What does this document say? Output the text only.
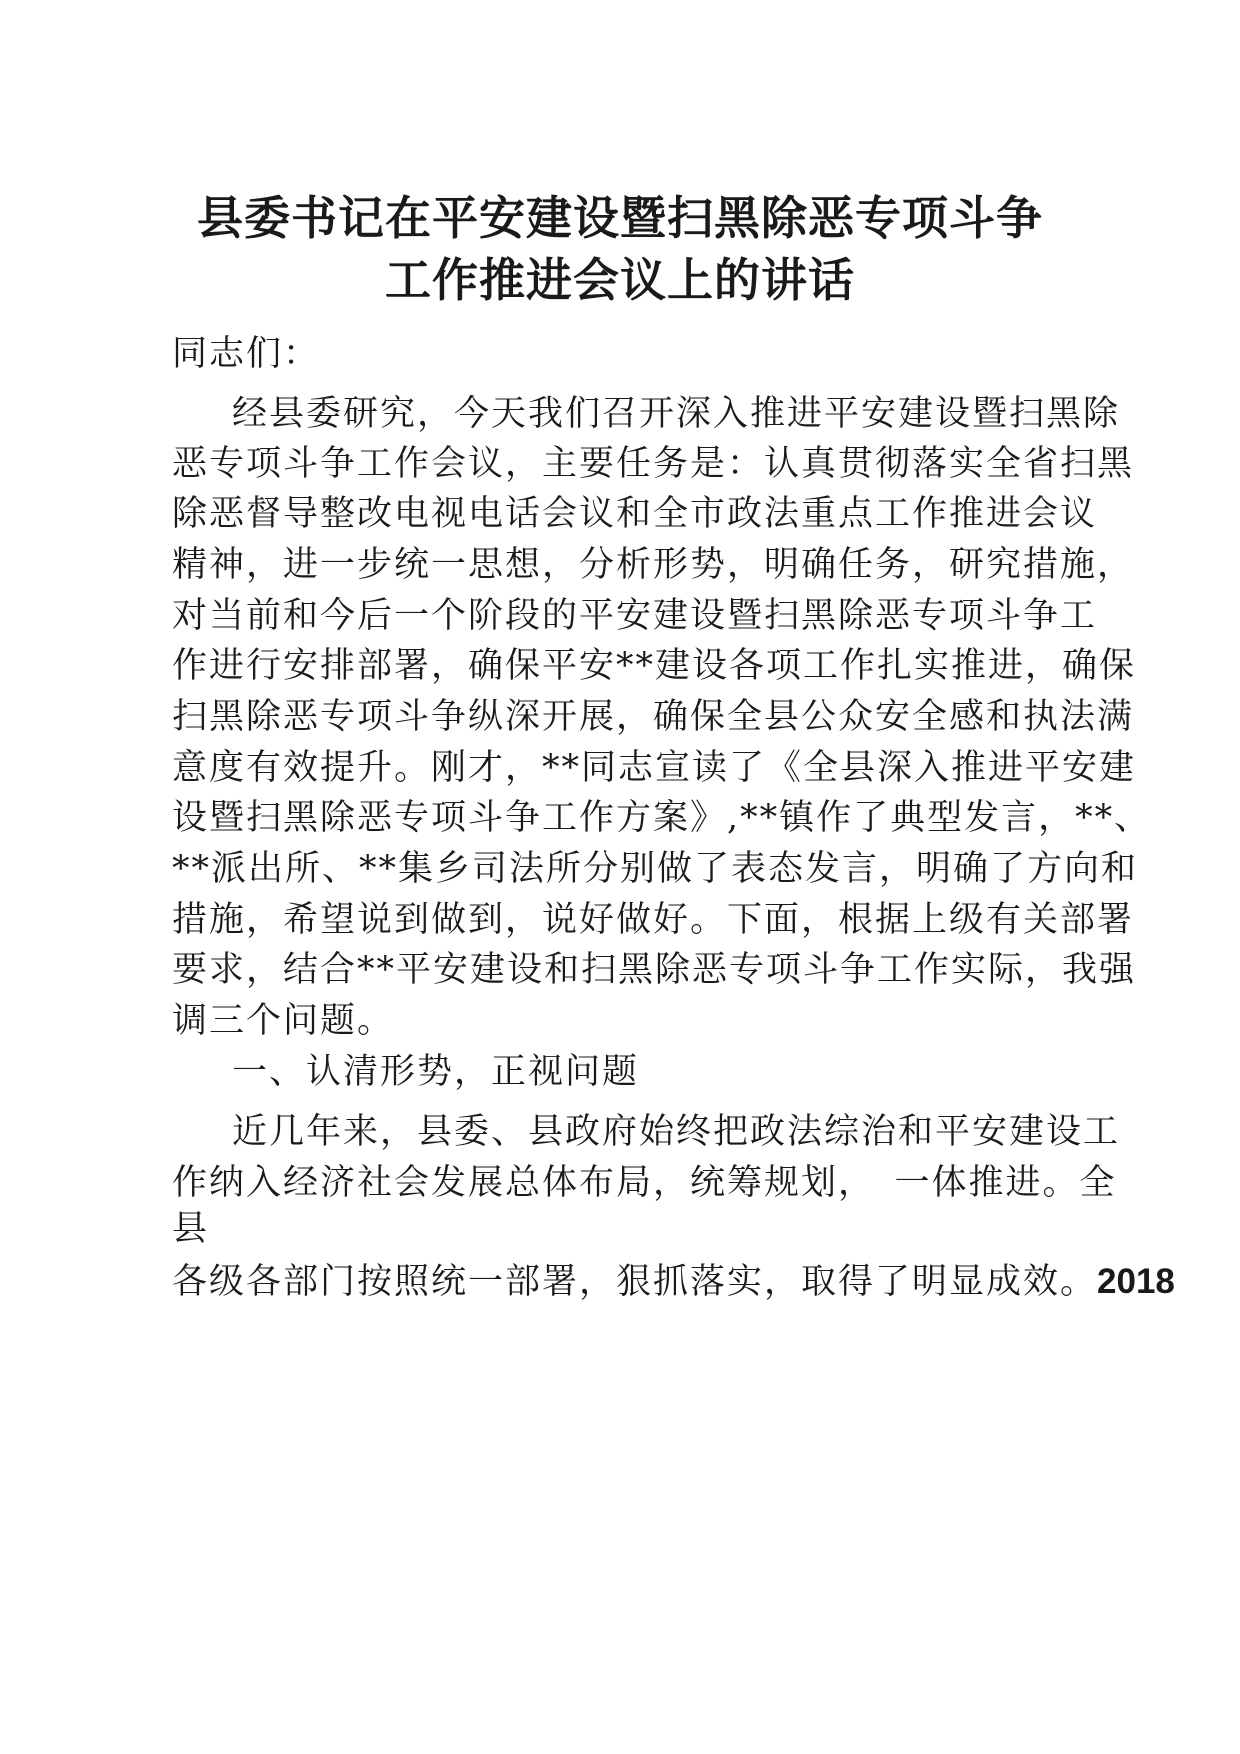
县委书记在平安建设暨扫黑除恶专项斗争
工作推进会议上的讲话
同志们：
经县委研究，今天我们召开深入推进平安建设暨扫黑除
恶专项斗争工作会议，主要任务是：认真贯彻落实全省扫黑
除恶督导整改电视电话会议和全市政法重点工作推进会议
精神，进一步统一思想，分析形势，明确任务，研究措施，
对当前和今后一个阶段的平安建设暨扫黑除恶专项斗争工
作进行安排部署，确保平安**建设各项工作扎实推进，确保
扫黑除恶专项斗争纵深开展，确保全县公众安全感和执法满
意度有效提升。刚才，**同志宣读了《全县深入推进平安建
设暨扫黑除恶专项斗争工作方案》,**镇作了典型发言，**、
**派出所、**集乡司法所分别做了表态发言，明确了方向和
措施，希望说到做到，说好做好。下面，根据上级有关部署
要求，结合**平安建设和扫黑除恶专项斗争工作实际，我强
调三个问题。
一、认清形势，正视问题
近几年来，县委、县政府始终把政法综治和平安建设工
作纳入经济社会发展总体布局，统筹规划，　一体推进。全
县
各级各部门按照统一部署，狠抓落实，取得了明显成效。2018
